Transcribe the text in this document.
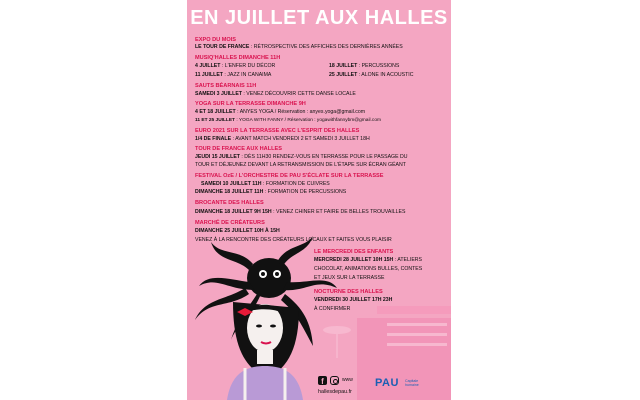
EN JUILLET AUX HALLES
EXPO DU MOIS
LE TOUR DE FRANCE : RÉTROSPECTIVE DES AFFICHES DES DERNIÈRES ANNÉES
MUSIQ'HALLES DIMANCHE 11H
4 JUILLET : L'ENFER DU DÉCOR
11 JUILLET : JAZZ IN CANAIMA
18 JUILLET : PERCUSSIONS
25 JUILLET : ALONE IN ACOUSTIC
SAUTS BÉARNAIS 11H
SAMEDI 3 JUILLET : VENEZ DÉCOUVRIR CETTE DANSE LOCALE
YOGA SUR LA TERRASSE DIMANCHE 9H
4 ET 18 JUILLET : ANYES YOGA / Réservation : anyes.yoga@gmail.com
11 ET 25 JUILLET : YOGA WITH FANNY / Réservation : yogawithfannybm@gmail.com
EURO 2021 SUR LA TERRASSE AVEC L'ESPRIT DES HALLES
1/4 DE FINALE : AVANT MATCH VENDREDI 2 ET SAMEDI 3 JUILLET 18H
TOUR DE FRANCE AUX HALLES
JEUDI 15 JUILLET : DÈS 11H30 RENDEZ-VOUS EN TERRASSE POUR LE PASSAGE DU
TOUR ET DÉJEUNEZ DEVANT LA RETRANSMISSION DE L'ÉTAPE SUR ÉCRAN GÉANT
FESTIVAL OzE / L'ORCHESTRE DE PAU S'ÉCLATE SUR LA TERRASSE
SAMEDI 10 JUILLET 11H : FORMATION DE CUIVRES
DIMANCHE 18 JUILLET 11H : FORMATION DE PERCUSSIONS
BROCANTE DES HALLES
DIMANCHE 18 JUILLET 9H 15H : VENEZ CHINER ET FAIRE DE BELLES TROUVAILLES
MARCHÉ DE CRÉATEURS
DIMANCHE 25 JUILLET 10H À 15H
VENEZ À LA RENCONTRE DES CRÉATEURS LOCAUX ET FAITES VOUS PLAISIR
LE MERCREDI DES ENFANTS
MERCREDI 28 JUILLET 10H 15H : ATELIERS
CHOCOLAT, ANIMATIONS BULLES, CONTES
ET JEUX SUR LA TERRASSE
NOCTURNE DES HALLES
VENDREDI 30 JUILLET 17H 23H
À CONFIRMER
f	www
hallesdepau.fr
PAU Capitale
humaine
